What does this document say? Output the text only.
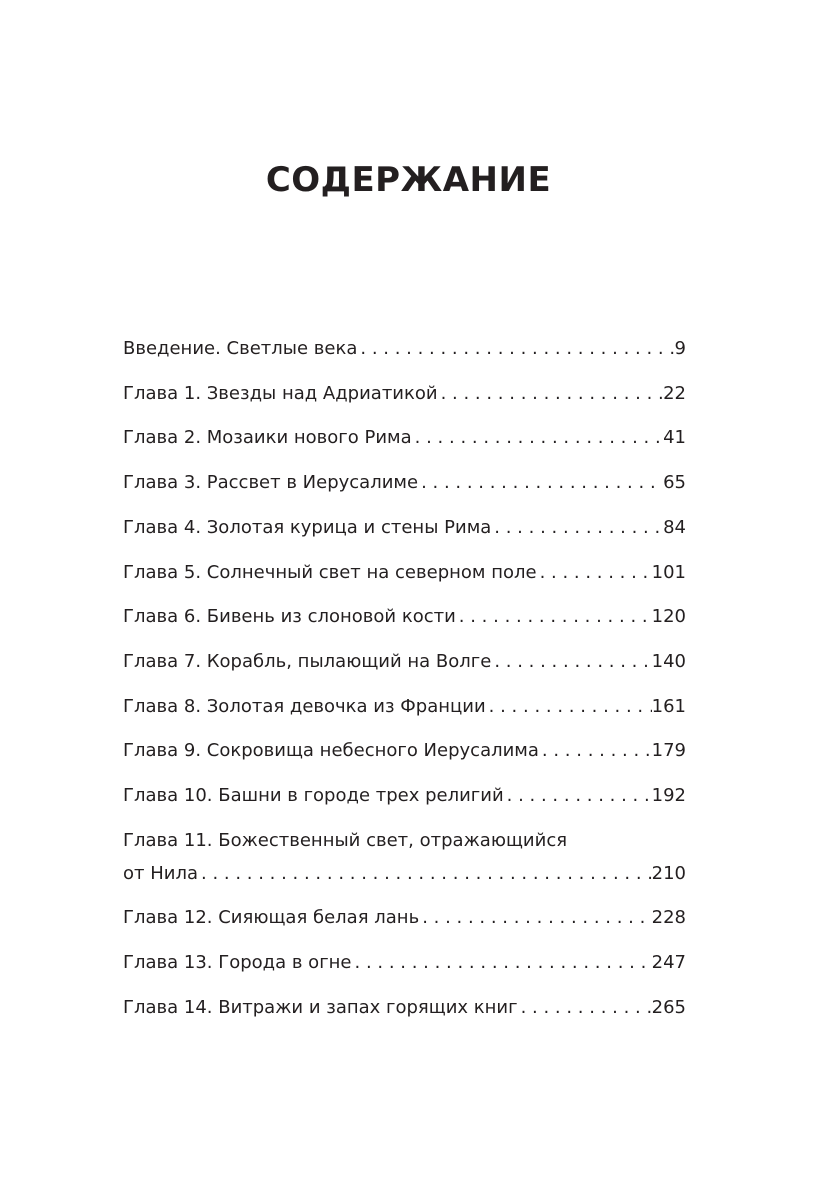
СОДЕРЖАНИЕ
Введение. Светлые века . . .	9
Глава 1. Звезды над Адриатикой . . .	22
Глава 2. Мозаики нового Рима . . .	41
Глава 3. Рассвет в Иерусалиме . . .	65
Глава 4. Золотая курица и стены Рима . . .	84
Глава 5. Солнечный свет на северном поле . . .	101
Глава 6. Бивень из слоновой кости . . .	120
Глава 7. Корабль, пылающий на Волге . . .	140
Глава 8. Золотая девочка из Франции . . .	161
Глава 9. Сокровища небесного Иерусалима . . .	179
Глава 10. Башни в городе трех религий . . .	192
Глава 11. Божественный свет, отражающийся
от Нила . . .	210
Глава 12. Сияющая белая лань . . .	228
Глава 13. Города в огне . . .	247
Глава 14. Витражи и запах горящих книг . . .	265
